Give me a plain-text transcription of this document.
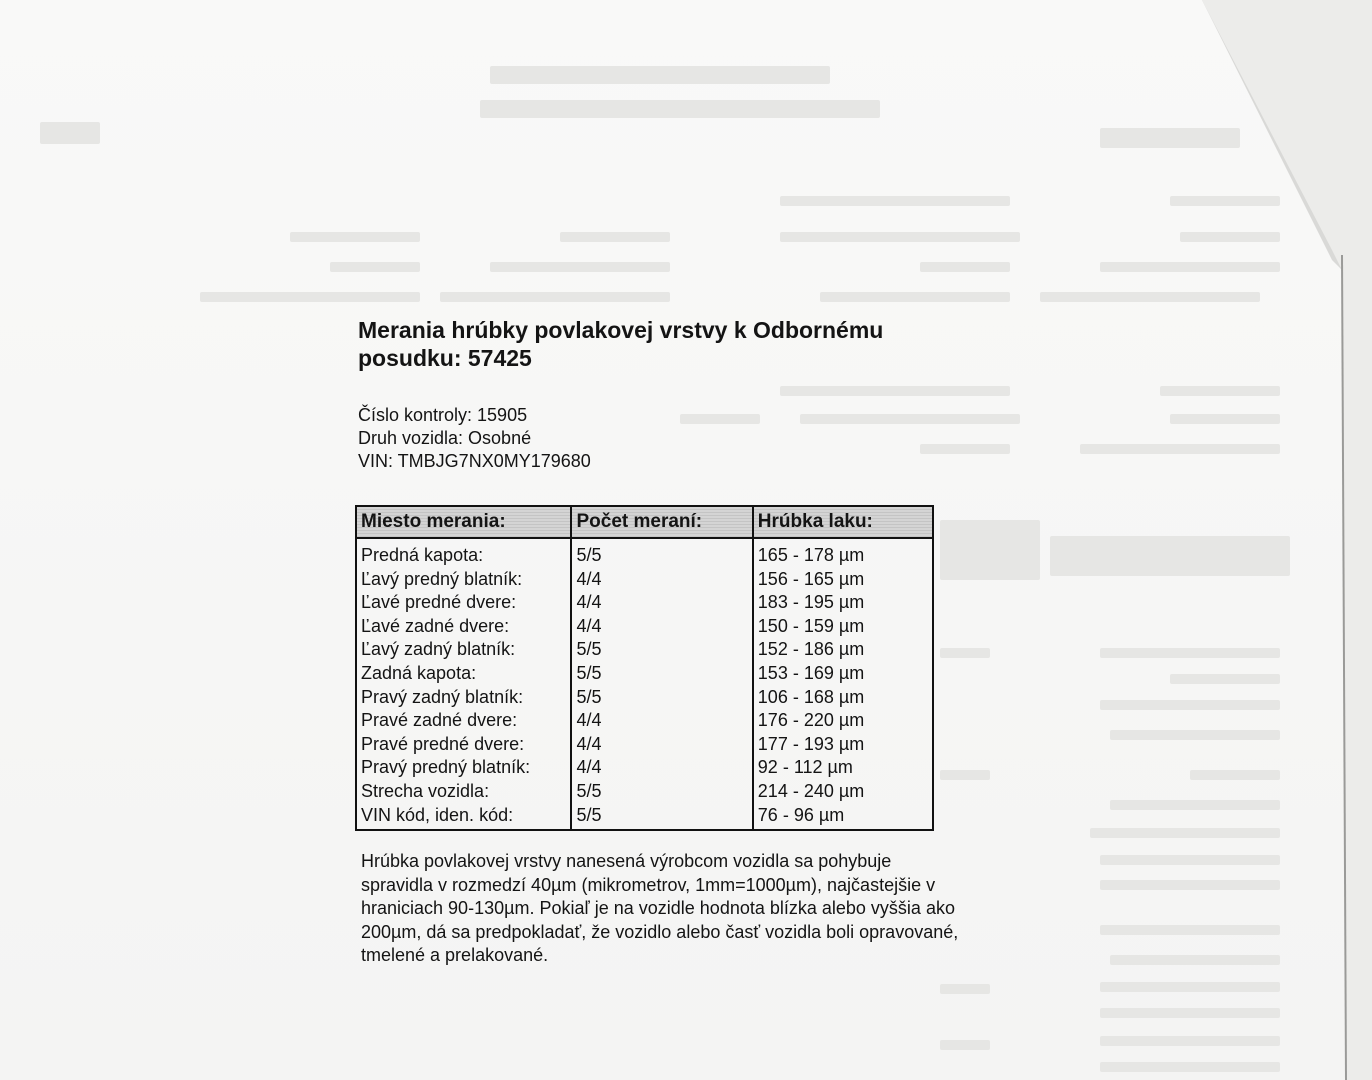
Merania hrúbky povlakovej vrstvy k Odbornému posudku: 57425
Číslo kontroly: 15905
Druh vozidla: Osobné
VIN: TMBJG7NX0MY179680
Miesto merania:	Počet meraní:	Hrúbka laku:
Predná kapota:	5/5	165 - 178 µm
Ľavý predný blatník:	4/4	156 - 165 µm
Ľavé predné dvere:	4/4	183 - 195 µm
Ľavé zadné dvere:	4/4	150 - 159 µm
Ľavý zadný blatník:	5/5	152 - 186 µm
Zadná kapota:	5/5	153 - 169 µm
Pravý zadný blatník:	5/5	106 - 168 µm
Pravé zadné dvere:	4/4	176 - 220 µm
Pravé predné dvere:	4/4	177 - 193 µm
Pravý predný blatník:	4/4	92 - 112 µm
Strecha vozidla:	5/5	214 - 240 µm
VIN kód, iden. kód:	5/5	76 - 96 µm

Hrúbka povlakovej vrstvy nanesená výrobcom vozidla sa pohybuje spravidla v rozmedzí 40µm (mikrometrov, 1mm=1000µm), najčastejšie v hraniciach 90-130µm. Pokiaľ je na vozidle hodnota blízka alebo vyššia ako 200µm, dá sa predpokladať, že vozidlo alebo časť vozidla boli opravované, tmelené a prelakované.
